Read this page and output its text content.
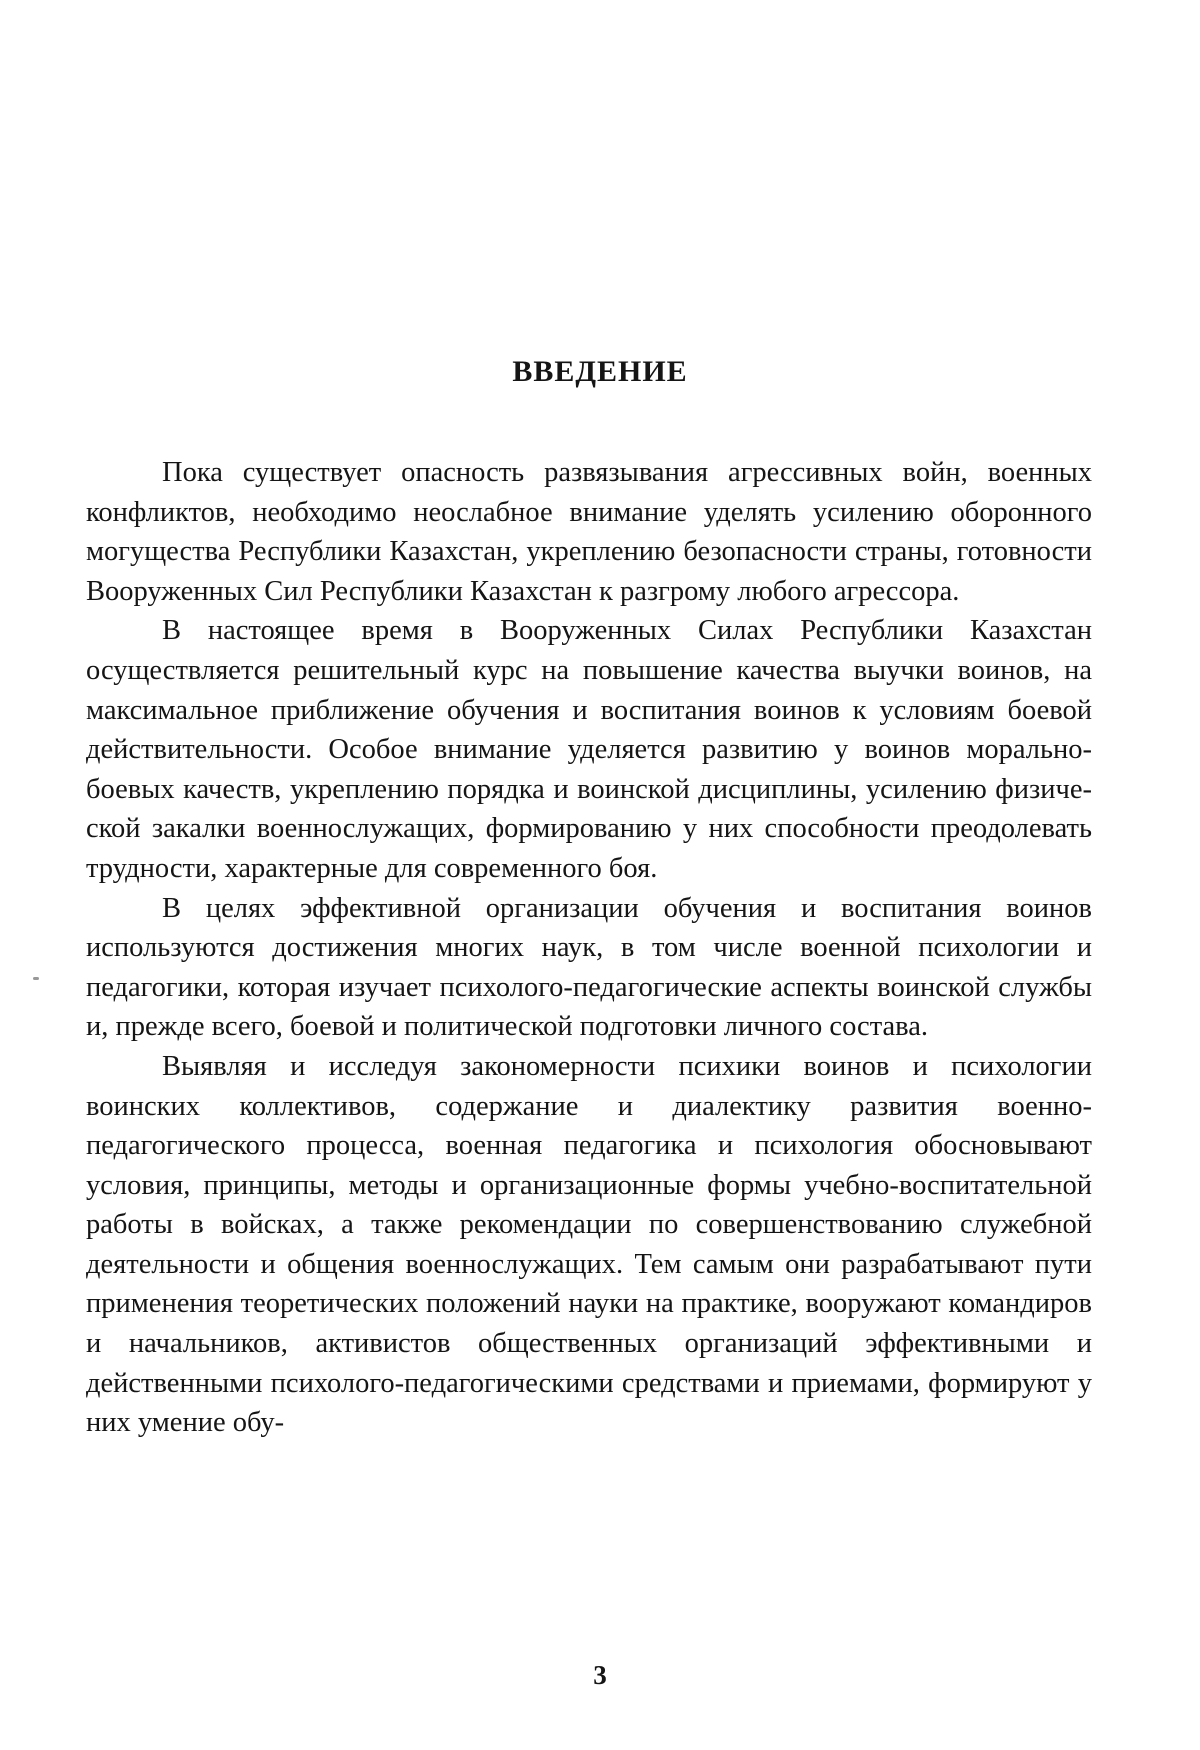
ВВЕДЕНИЕ

Пока существует опасность развязывания агрессивных войн, военных конфликтов, необходимо неослабное внимание уделять усилению оборонного могущества Республики Казахстан, укреплению безопасности страны, готовности Вооруженных Сил Республики Казахстан к разгрому любого агрессора.

В настоящее время в Вооруженных Силах Республики Казахстан осуществляется решительный курс на повышение качества выучки воинов, на максимальное приближение обучения и воспитания воинов к условиям боевой действительности. Особое внимание уделяется развитию у воинов морально-боевых качеств, укреплению порядка и воинской дисциплины, усилению физической закалки военнослужащих, формированию у них способности преодолевать трудности, характерные для современного боя.

В целях эффективной организации обучения и воспитания воинов используются достижения многих наук, в том числе военной психологии и педагогики, которая изучает психолого-педагогические аспекты воинской службы и, прежде всего, боевой и политической подготовки личного состава.

Выявляя и исследуя закономерности психики воинов и психологии воинских коллективов, содержание и диалектику развития военно-педагогического процесса, военная педагогика и психология обосновывают условия, принципы, методы и организационные формы учебно-воспитательной работы в войсках, а также рекомендации по совершенствованию служебной деятельности и общения военнослужащих. Тем самым они разрабатывают пути применения теоретических положений науки на практике, вооружают командиров и начальников, активистов общественных организаций эффективными и действенными психолого-педагогическими средствами и приемами, формируют у них умение обу-

3
